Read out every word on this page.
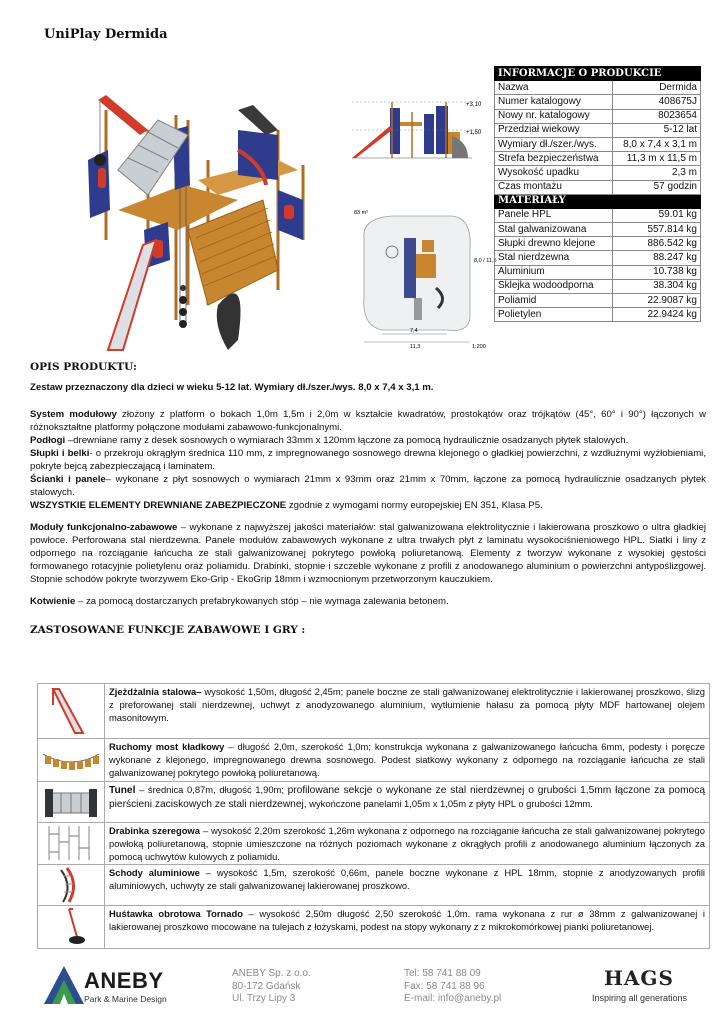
UniPlay Dermida
+3,10
+1,50
83 m²
8,0 / 11,5
7,4
11,3	1:200
INFORMACJE O PRODUKCIE	
Nazwa	Dermida
Numer katalogowy	408675J
Nowy nr. katalogowy	8023654
Przedział wiekowy	5-12 lat
Wymiary dł./szer./wys.	8,0 x 7,4 x 3,1 m
Strefa bezpieczeństwa	11,3 m x 11,5 m
Wysokość upadku	2,3 m
Czas montażu	57 godzin
MATERIAŁY	
Panele HPL	59.01 kg
Stal galwanizowana	557.814 kg
Słupki drewno klejone	886.542 kg
Stal nierdzewna	88.247 kg
Aluminium	10.738 kg
Sklejka wodoodporna	38.304 kg
Poliamid	22.9087 kg
Polietylen	22.9424 kg
OPIS PRODUKTU:

Zestaw przeznaczony dla dzieci w wieku 5-12 lat. Wymiary dł./szer./wys. 8,0 x 7,4 x 3,1 m.

System modułowy złożony z platform o bokach 1,0m 1,5m i 2,0m w kształcie kwadratów, prostokątów oraz trójkątów (45°, 60° i 90°) łączonych w różnokształtne platformy połączone modułami zabawowo-funkcjonalnymi.

Podłogi –drewniane ramy z desek sosnowych o wymiarach 33mm x 120mm łączone za pomocą hydraulicznie osadzanych płytek stalowych.

Słupki i belki- o przekroju okrągłym średnica 110 mm, z impregnowanego sosnowego drewna klejonego o gładkiej powierzchni, z wzdłużnymi wyżłobieniami, pokryte bejcą zabezpieczającą i laminatem.

Ścianki i panele– wykonane z płyt sosnowych o wymiarach 21mm x 93mm oraz 21mm x 70mm, łączone za pomocą hydraulicznie osadzanych płytek stalowych.

WSZYSTKIE ELEMENTY DREWNIANE ZABEZPIECZONE zgodnie z wymogami normy europejskiej EN 351, Klasa P5.

Moduły funkcjonalno-zabawowe – wykonane z najwyższej jakości materiałów: stal galwanizowana elektrolitycznie i lakierowana proszkowo o ultra gładkiej powłoce. Perforowana stal nierdzewna. Panele modułów zabawowych wykonane z ultra trwałych płyt z laminatu wysokociśnieniowego HPL. Siatki i liny z odpornego na rozciąganie łańcucha ze stali galwanizowanej pokrytego powłoką poliuretanową. Elementy z tworzyw wykonane z wysokiej gęstości formowanego rotacyjnie polietylenu oraz poliamidu. Drabinki, stopnie i szczeble wykonane z profili z anodowanego aluminium o powierzchni antypoślizgowej. Stopnie schodów pokryte tworzywem Eko-Grip - EkoGrip 18mm i wzmocnionym przetworzonym kauczukiem.

Kotwienie – za pomocą dostarczanych prefabrykowanych stóp – nie wymaga zalewania betonem.

ZASTOSOWANE FUNKCJE ZABAWOWE I GRY :
	Zjeżdżalnia stalowa– wysokość 1,50m, długość 2,45m; panele boczne ze stali galwanizowanej elektrolitycznie i lakierowanej proszkowo, ślizg z preforowanej stali nierdzewnej, uchwyt z anodyzowanego aluminium, wytłumienie hałasu za pomocą płyty MDF hartowanej olejem masonitowym.

	Ruchomy most kładkowy – długość 2,0m, szerokość 1,0m; konstrukcja wykonana z galwanizowanego łańcucha 6mm, podesty i poręcze wykonane z klejonego, impregnowanego drewna sosnowego. Podest siatkowy wykonany z odpornego na rozciąganie łańcucha ze stali galwanizowanej pokrytego powłoką poliuretanową.

	Tunel – średnica 0,87m, długość 1,90m; profilowane sekcje o wykonane ze stal nierdzewnej o grubości 1,5mm łączone za pomocą pierścieni zaciskowych ze stali nierdzewnej, wykończone panelami 1,05m x 1,05m z płyty HPL o grubości 12mm.

	Drabinka szeregowa – wysokość 2,20m szerokość 1,26m wykonana z odpornego na rozciąganie łańcucha ze stali galwanizowanej pokrytego powłoką poliuretanową, stopnie umieszczone na różnych poziomach wykonane z okrągłych profili z anodowanego aluminium łączonych za pomocą uchwytów kulowych z poliamidu.

	Schody aluminiowe – wysokość 1,5m, szerokość 0,66m, panele boczne wykonane z HPL 18mm, stopnie z anodyzowanych profili aluminiowych, uchwyty ze stali galwanizowanej lakierowanej proszkowo.

	Huśtawka obrotowa Tornado – wysokość 2,50m długość 2,50 szerokość 1,0m. rama wykonana z rur ø 38mm z galwanizowanej i lakierowanej proszkowo mocowane na tulejach z łożyskami, podest na stopy wykonany z z mikrokomórkowej pianki poliuretanowej.
ANEBY
Park & Marine Design
ANEBY Sp. z o.o.
80-172 Gdańsk
Ul. Trzy Lipy 3
Tel: 58 741 88 09
Fax: 58 741 88 96
E-mail: info@aneby.pl
HAGS
Inspiring all generations
